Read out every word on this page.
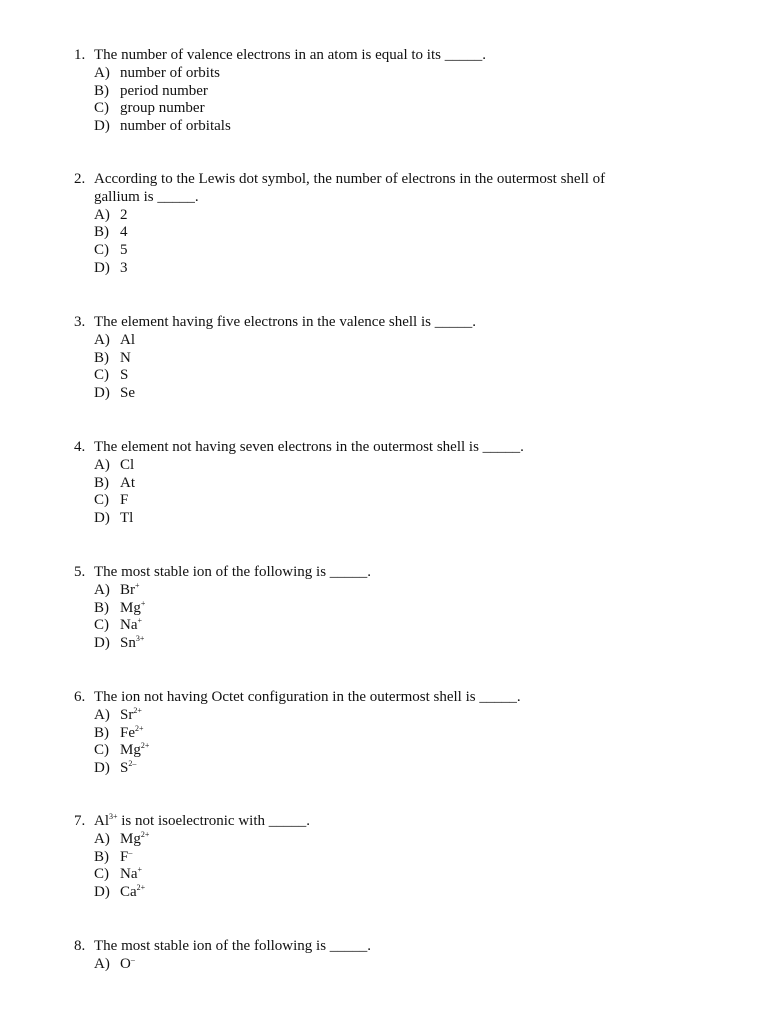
1. The number of valence electrons in an atom is equal to its _____.
A) number of orbits
B) period number
C) group number
D) number of orbitals
2. According to the Lewis dot symbol, the number of electrons in the outermost shell of gallium is _____.
A) 2
B) 4
C) 5
D) 3
3. The element having five electrons in the valence shell is _____.
A) Al
B) N
C) S
D) Se
4. The element not having seven electrons in the outermost shell is _____.
A) Cl
B) At
C) F
D) Tl
5. The most stable ion of the following is _____.
A) Br+
B) Mg+
C) Na+
D) $Sn^{3+}$
6. The ion not having Octet configuration in the outermost shell is _____.
A) $Sr^{2+}$
B) $Fe^{2+}$
C) $Mg^{2+}$
D) $S^{2-}$
7. $Al^{3+}$ is not isoelectronic with _____.
A) $Mg^{2+}$
B) F–
C) Na+
D) $Ca^{2+}$
8. The most stable ion of the following is _____.
A) O–
